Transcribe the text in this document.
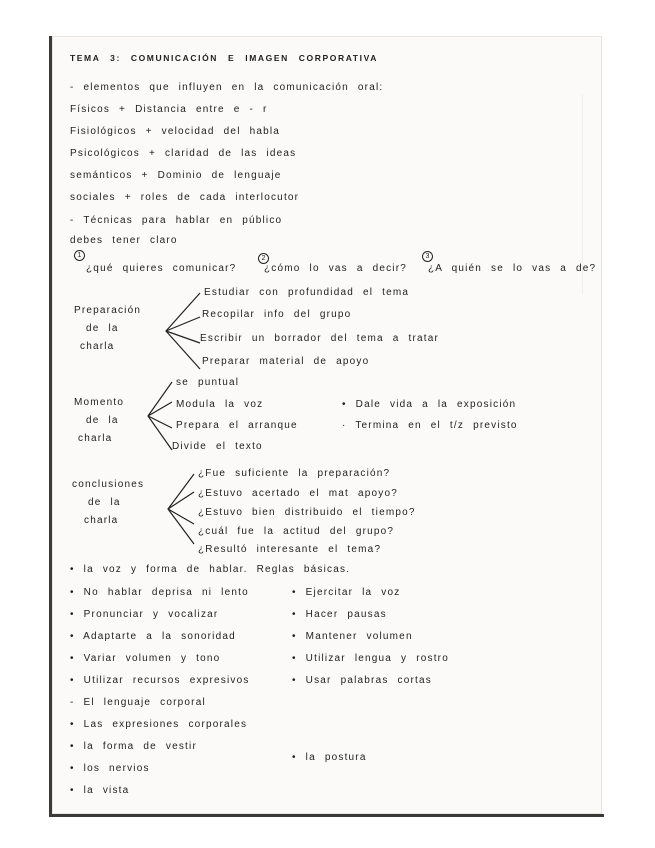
TEMA 3: COMUNICACIÓN E IMAGEN CORPORATIVA
- elementos que influyen en la comunicación oral:
Físicos + Distancia entre e - r
Fisiológicos + velocidad del habla
Psicológicos + claridad de las ideas
semánticos + Dominio de lenguaje
sociales + roles de cada interlocutor
- Técnicas para hablar en público
debes tener claro
1	2	3
¿qué quieres comunicar?	¿cómo lo vas a decir? ¿A quién se lo vas a de?
Preparación
de la
charla
Estudiar con profundidad el tema
Recopilar info del grupo
Escribir un borrador del tema a tratar
Preparar material de apoyo
Momento
de la
charla
se puntual
Modula la voz
Prepara el arranque
Divide el texto
• Dale vida a la exposición
· Termina en el t/z previsto
conclusiones
de la
charla
¿Fue suficiente la preparación?
¿Estuvo acertado el mat apoyo?
¿Estuvo bien distribuido el tiempo?
¿cuál fue la actitud del grupo?
¿Resultó interesante el tema?
• la voz y forma de hablar. Reglas básicas.
• No hablar deprisa ni lento
• Pronunciar y vocalizar
• Adaptarte a la sonoridad
• Variar volumen y tono
• Utilizar recursos expresivos
• Ejercitar la voz
• Hacer pausas
• Mantener volumen
• Utilizar lengua y rostro
• Usar palabras cortas
- El lenguaje corporal
• Las expresiones corporales
• la forma de vestir
• los nervios
• la vista
• la postura
